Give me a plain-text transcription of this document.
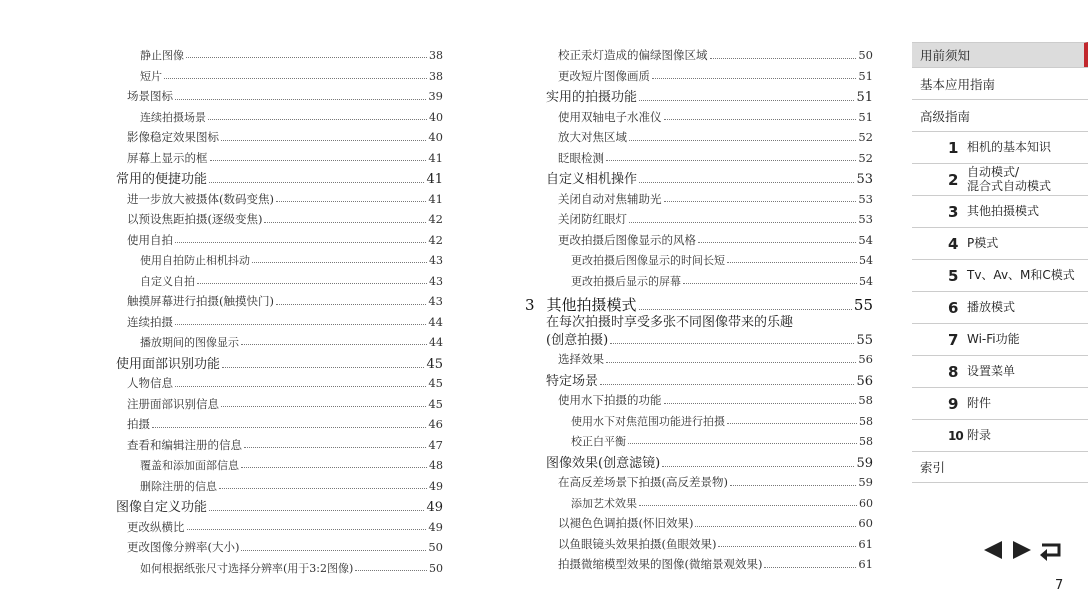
静止图像	38
短片	38
场景图标	39
连续拍摄场景	40
影像稳定效果图标	40
屏幕上显示的框	41
常用的便捷功能	41
进一步放大被摄体(数码变焦)	41
以预设焦距拍摄(逐级变焦)	42
使用自拍	42
使用自拍防止相机抖动	43
自定义自拍	43
触摸屏幕进行拍摄(触摸快门)	43
连续拍摄	44
播放期间的图像显示	44
使用面部识别功能	45
人物信息	45
注册面部识别信息	45
拍摄	46
查看和编辑注册的信息	47
覆盖和添加面部信息	48
删除注册的信息	49
图像自定义功能	49
更改纵横比	49
更改图像分辨率(大小)	50
如何根据纸张尺寸选择分辨率(用于3:2图像)	50
校正汞灯造成的偏绿图像区域	50
更改短片图像画质	51
实用的拍摄功能	51
使用双轴电子水准仪	51
放大对焦区域	52
眨眼检测	52
自定义相机操作	53
关闭自动对焦辅助光	53
关闭防红眼灯	53
更改拍摄后图像显示的风格	54
更改拍摄后图像显示的时间长短	54
更改拍摄后显示的屏幕	54
3 其他拍摄模式	55
在每次拍摄时享受多张不同图像带来的乐趣
(创意拍摄)	55
选择效果	56
特定场景	56
使用水下拍摄的功能	58
使用水下对焦范围功能进行拍摄	58
校正白平衡	58
图像效果(创意滤镜)	59
在高反差场景下拍摄(高反差景物)	59
添加艺术效果	60
以褪色色调拍摄(怀旧效果)	60
以鱼眼镜头效果拍摄(鱼眼效果)	61
拍摄微缩模型效果的图像(微缩景观效果)	61
用前须知
基本应用指南
高级指南
1 相机的基本知识
2 自动模式/
混合式自动模式
3 其他拍摄模式
4 P模式
5 Tv、Av、M和C模式
6 播放模式
7 Wi-Fi功能
8 设置菜单
9 附件
10 附录
索引
7
